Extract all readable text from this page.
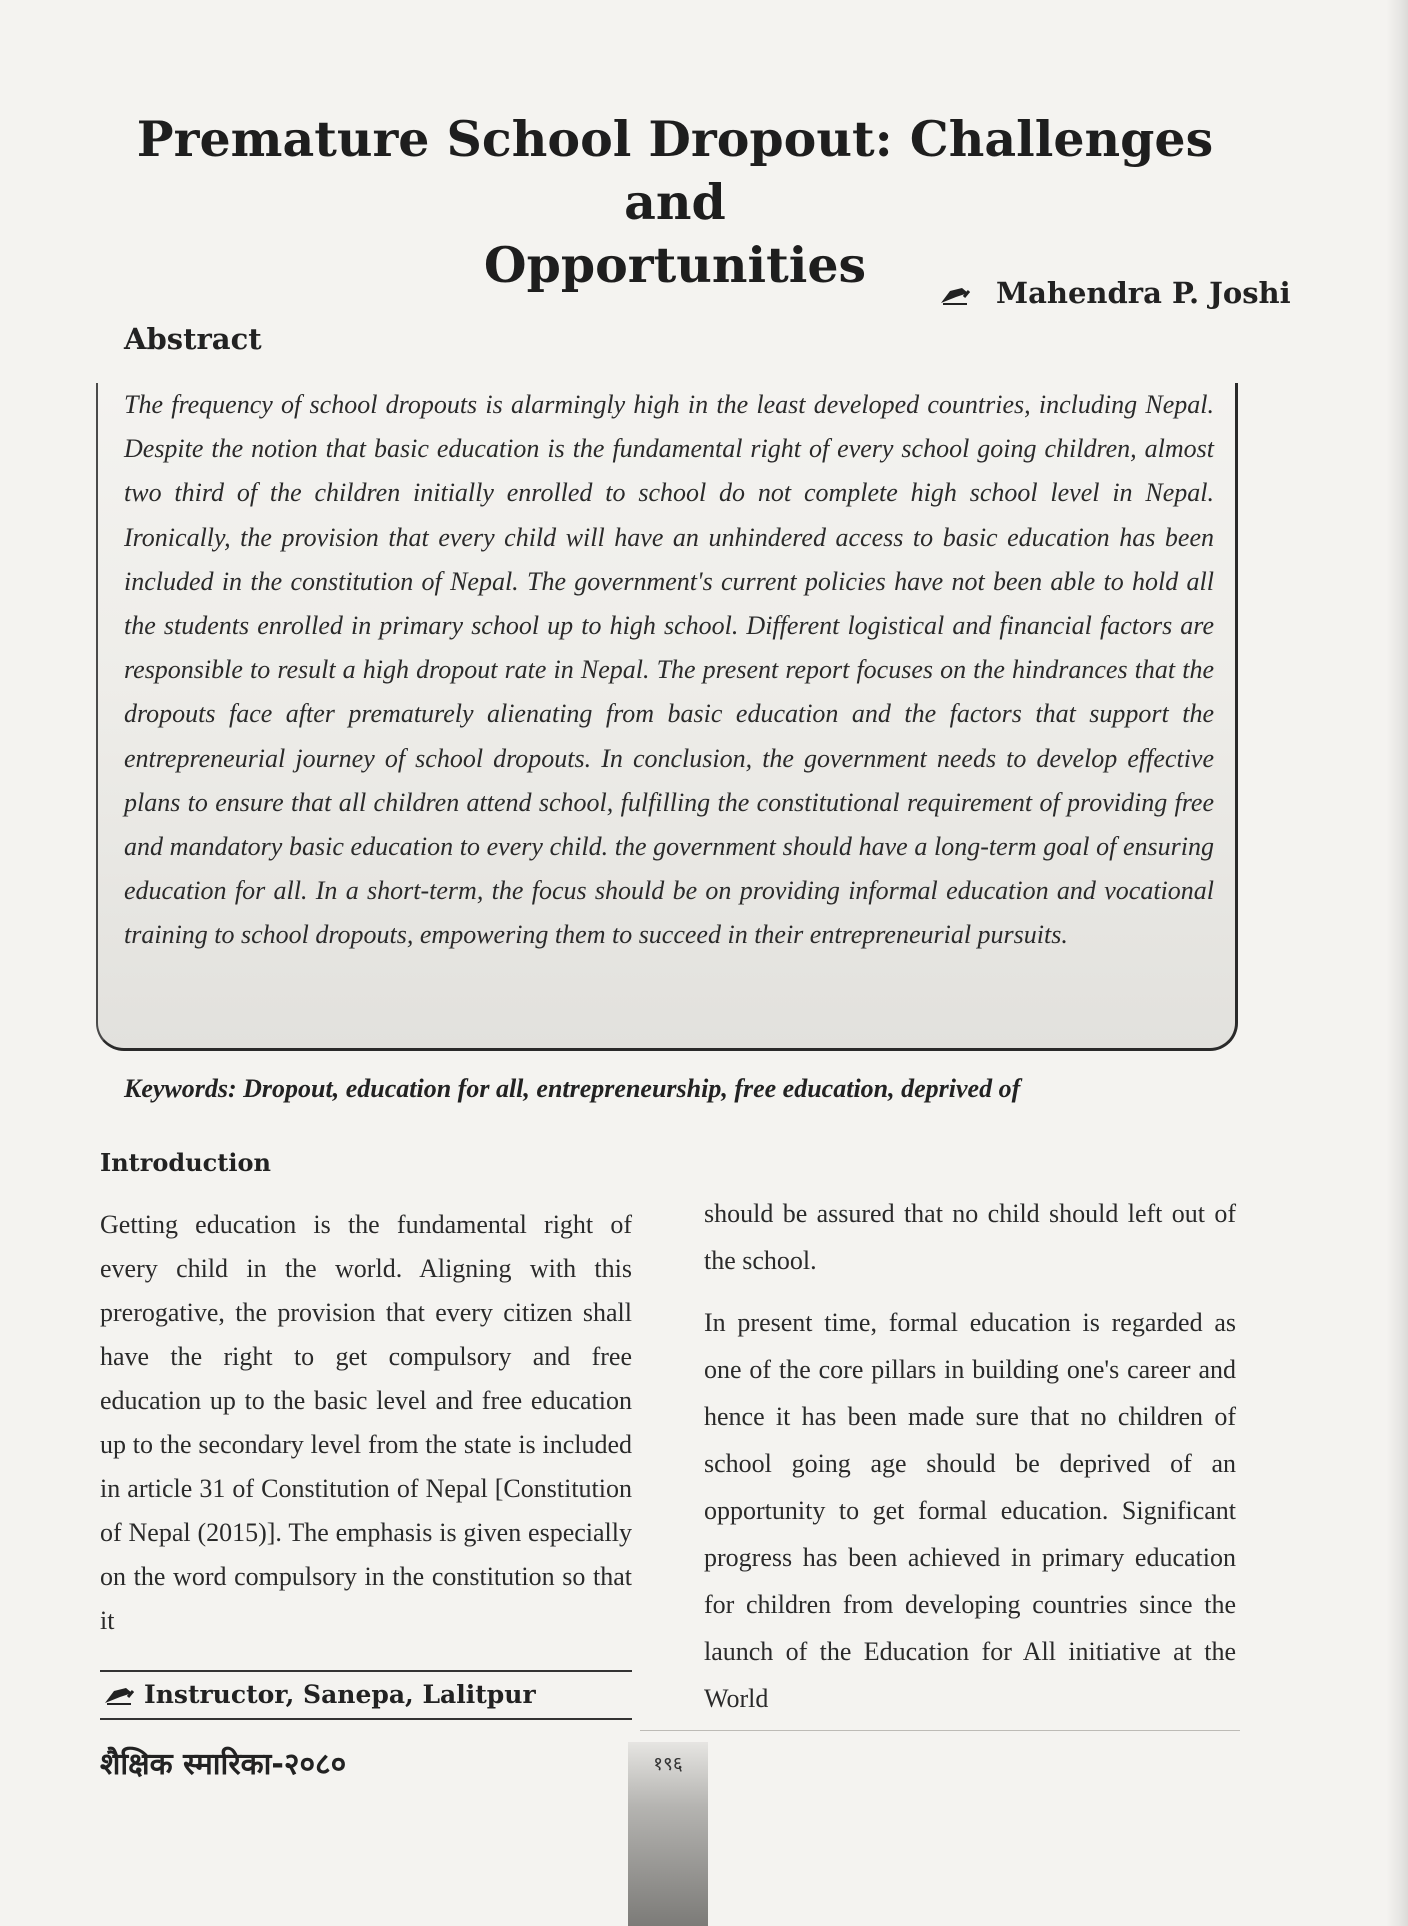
Premature School Dropout: Challenges and
Opportunities	Mahendra P. Joshi
Abstract
The frequency of school dropouts is alarmingly high in the least developed countries, including Nepal. Despite the notion that basic education is the fundamental right of every school going children, almost two third of the children initially enrolled to school do not complete high school level in Nepal. Ironically, the provision that every child will have an unhindered access to basic education has been included in the constitution of Nepal. The government's current policies have not been able to hold all the students enrolled in primary school up to high school. Different logistical and financial factors are responsible to result a high dropout rate in Nepal. The present report focuses on the hindrances that the dropouts face after prematurely alienating from basic education and the factors that support the entrepreneurial journey of school dropouts. In conclusion, the government needs to develop effective plans to ensure that all children attend school, fulfilling the constitutional requirement of providing free and mandatory basic education to every child. the government should have a long-term goal of ensuring education for all. In a short-term, the focus should be on providing informal education and vocational training to school dropouts, empowering them to succeed in their entrepreneurial pursuits.
Keywords: Dropout, education for all, entrepreneurship, free education, deprived of
Introduction
Getting education is the fundamental right of every child in the world. Aligning with this prerogative, the provision that every citizen shall have the right to get compulsory and free education up to the basic level and free education up to the secondary level from the state is included in article 31 of Constitution of Nepal [Constitution of Nepal (2015)]. The emphasis is given especially on the word compulsory in the constitution so that it

should be assured that no child should left out of the school.

In present time, formal education is regarded as one of the core pillars in building one's career and hence it has been made sure that no children of school going age should be deprived of an opportunity to get formal education. Significant progress has been achieved in primary education for children from developing countries since the launch of the Education for All initiative at the World

Instructor, Sanepa, Lalitpur
शैक्षिक स्मारिका-२०८०	१९६
